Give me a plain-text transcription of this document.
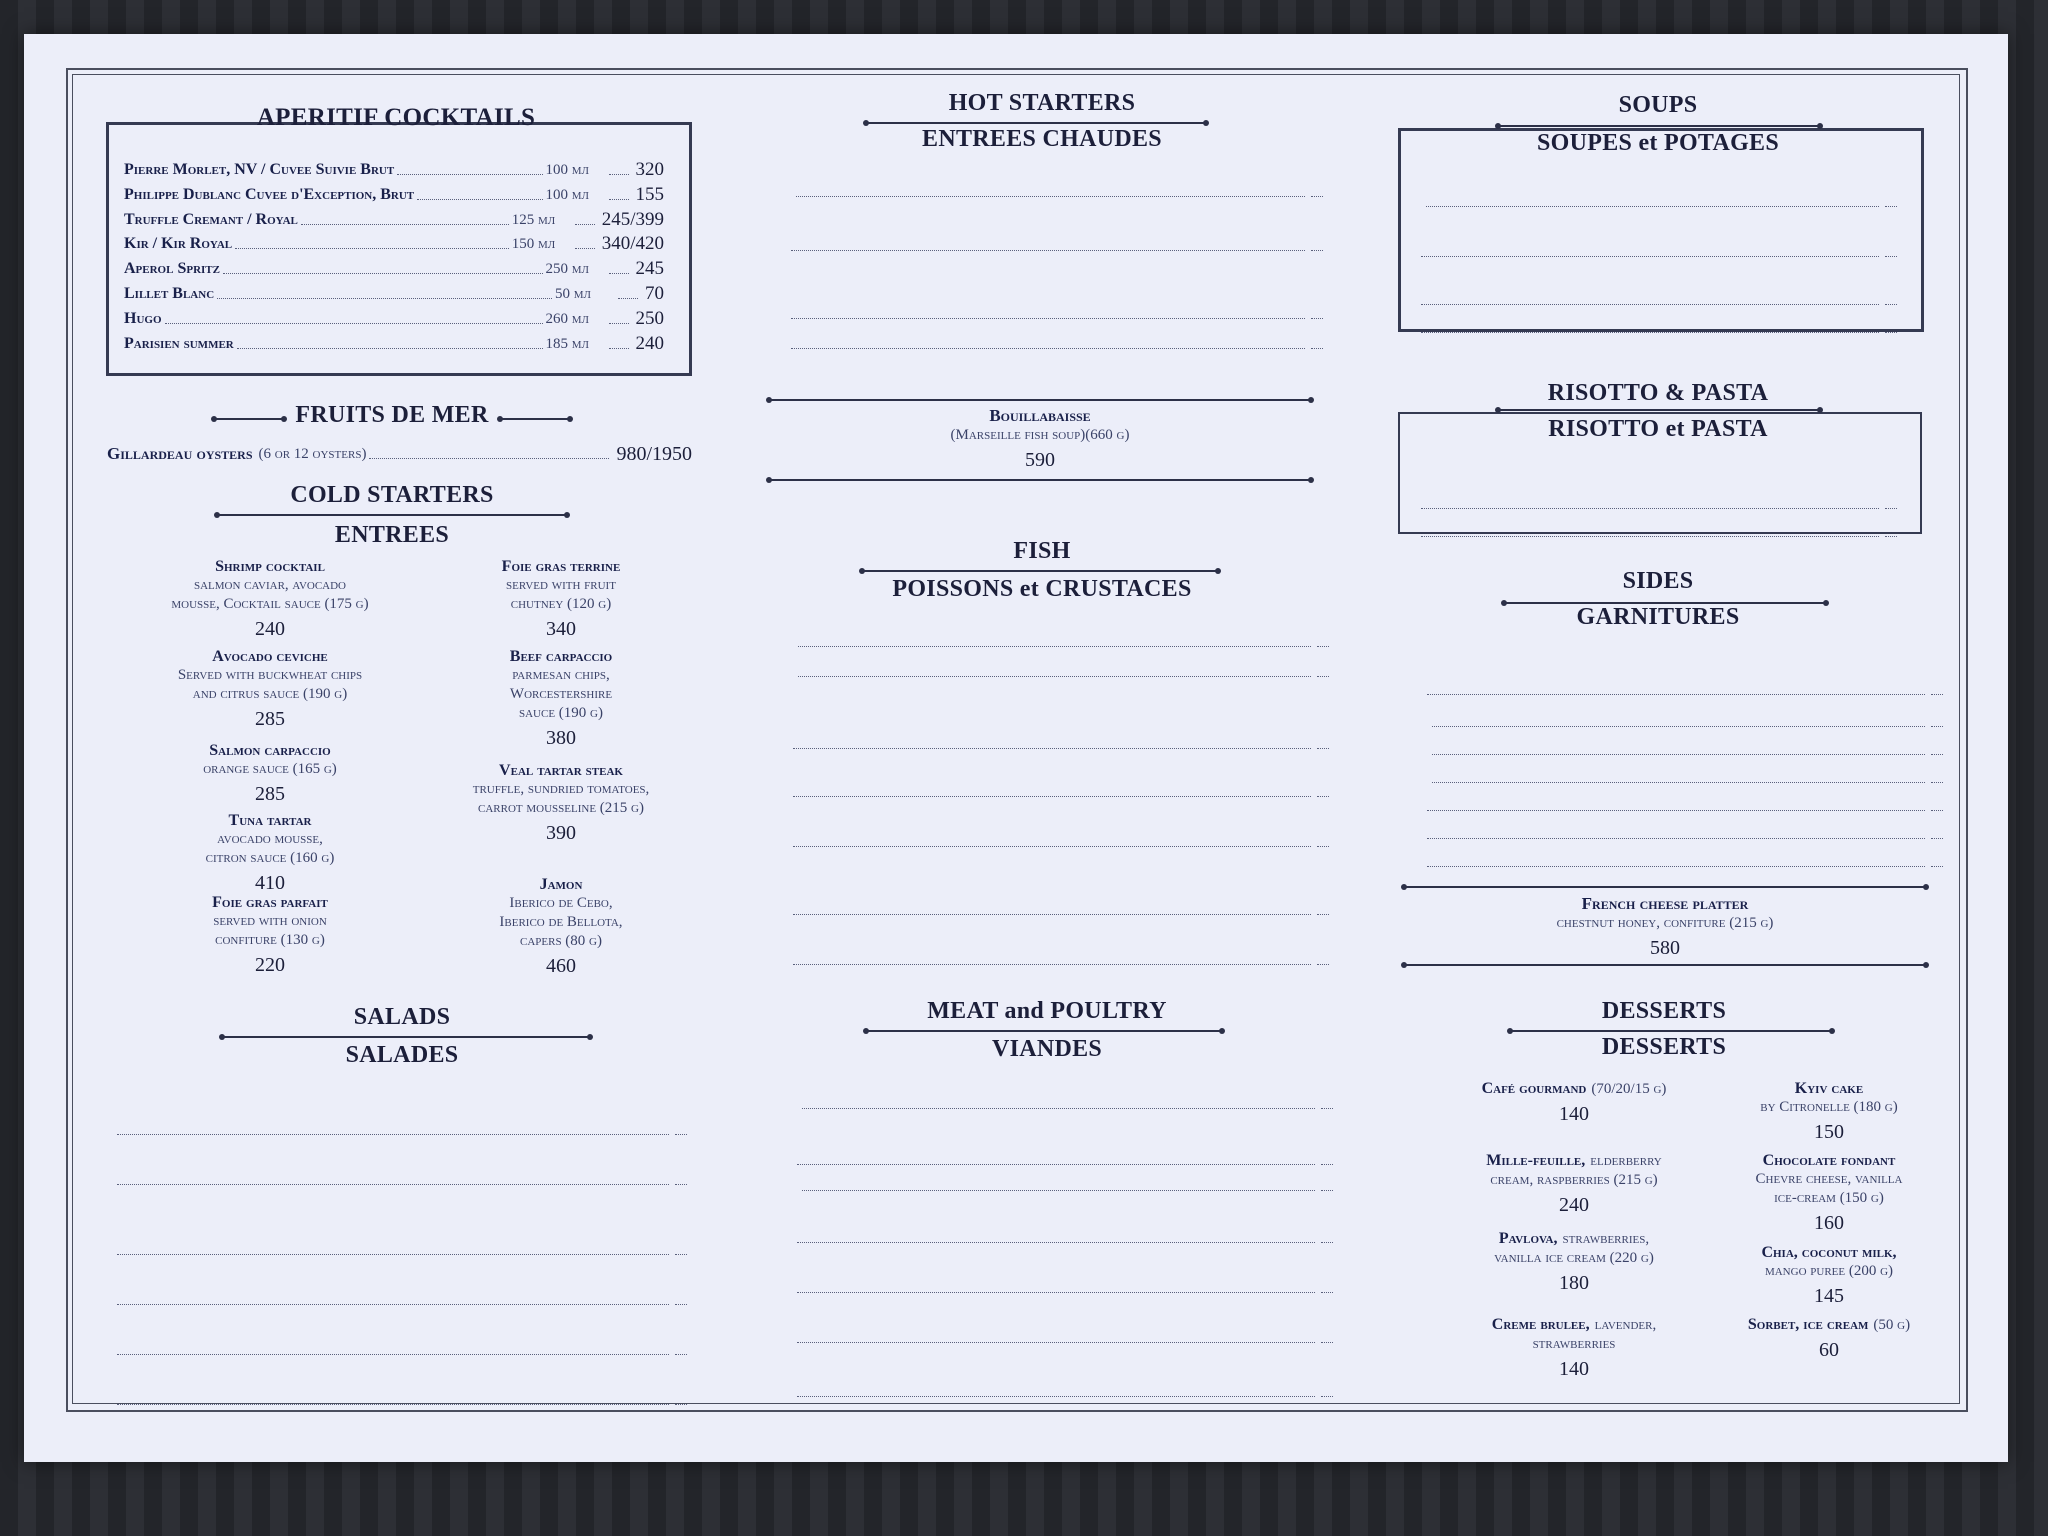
APERITIF COCKTAILS
Pierre Morlet, NV / Cuvee Suivie Brut	100 мл	320
Philippe Dublanc Cuvee d'Exception, Brut	100 мл	155
Truffle Cremant / Royal	125 мл	245/399
Kir / Kir Royal	150 мл	340/420
Aperol Spritz	250 мл	245
Lillet Blanc	50 мл	70
Hugo	260 мл	250
Parisien summer	185 мл	240
FRUITS DE MER
Gillardeau oysters (6 or 12 oysters)	980/1950
COLD STARTERS
ENTREES
Shrimp cocktail
salmon caviar, avocado
mousse, Cocktail sauce (175 g)
240
Avocado ceviche
Served with buckwheat chips
and citrus sauce (190 g)
285
Salmon carpaccio
orange sauce (165 g)
285
Tuna tartar
avocado mousse,
citron sauce (160 g)
410
Foie gras parfait
served with onion
confiture (130 g)
220
Foie gras terrine
served with fruit
chutney (120 g)
340
Beef carpaccio
parmesan chips,
Worcestershire
sauce (190 g)
380
Veal tartar steak
truffle, sundried tomatoes,
carrot mousseline (215 g)
390
Jamon
Iberico de Cebo,
Iberico de Bellota,
capers (80 g)
460
SALADS
SALADES
HOT STARTERS
ENTREES CHAUDES
Bouillabaisse
(Marseille fish soup)(660 g)
590
FISH
POISSONS et CRUSTACES
MEAT and POULTRY
VIANDES
SOUPS
SOUPES et POTAGES
RISOTTO & PASTA
RISOTTO et PASTA
SIDES
GARNITURES
French cheese platter
chestnut honey, confiture (215 g)
580
DESSERTS
DESSERTS
Café gourmand (70/20/15 g)
140
Mille-feuille, elderberry
cream, raspberries (215 g)
240
Pavlova, strawberries,
vanilla ice cream (220 g)
180
Creme brulee, lavender,
strawberries
140
Kyiv cake
by Citronelle (180 g)
150
Chocolate fondant
Chevre cheese, vanilla
ice-cream (150 g)
160
Chia, coconut milk,
mango puree (200 g)
145
Sorbet, ice cream (50 g)
60
